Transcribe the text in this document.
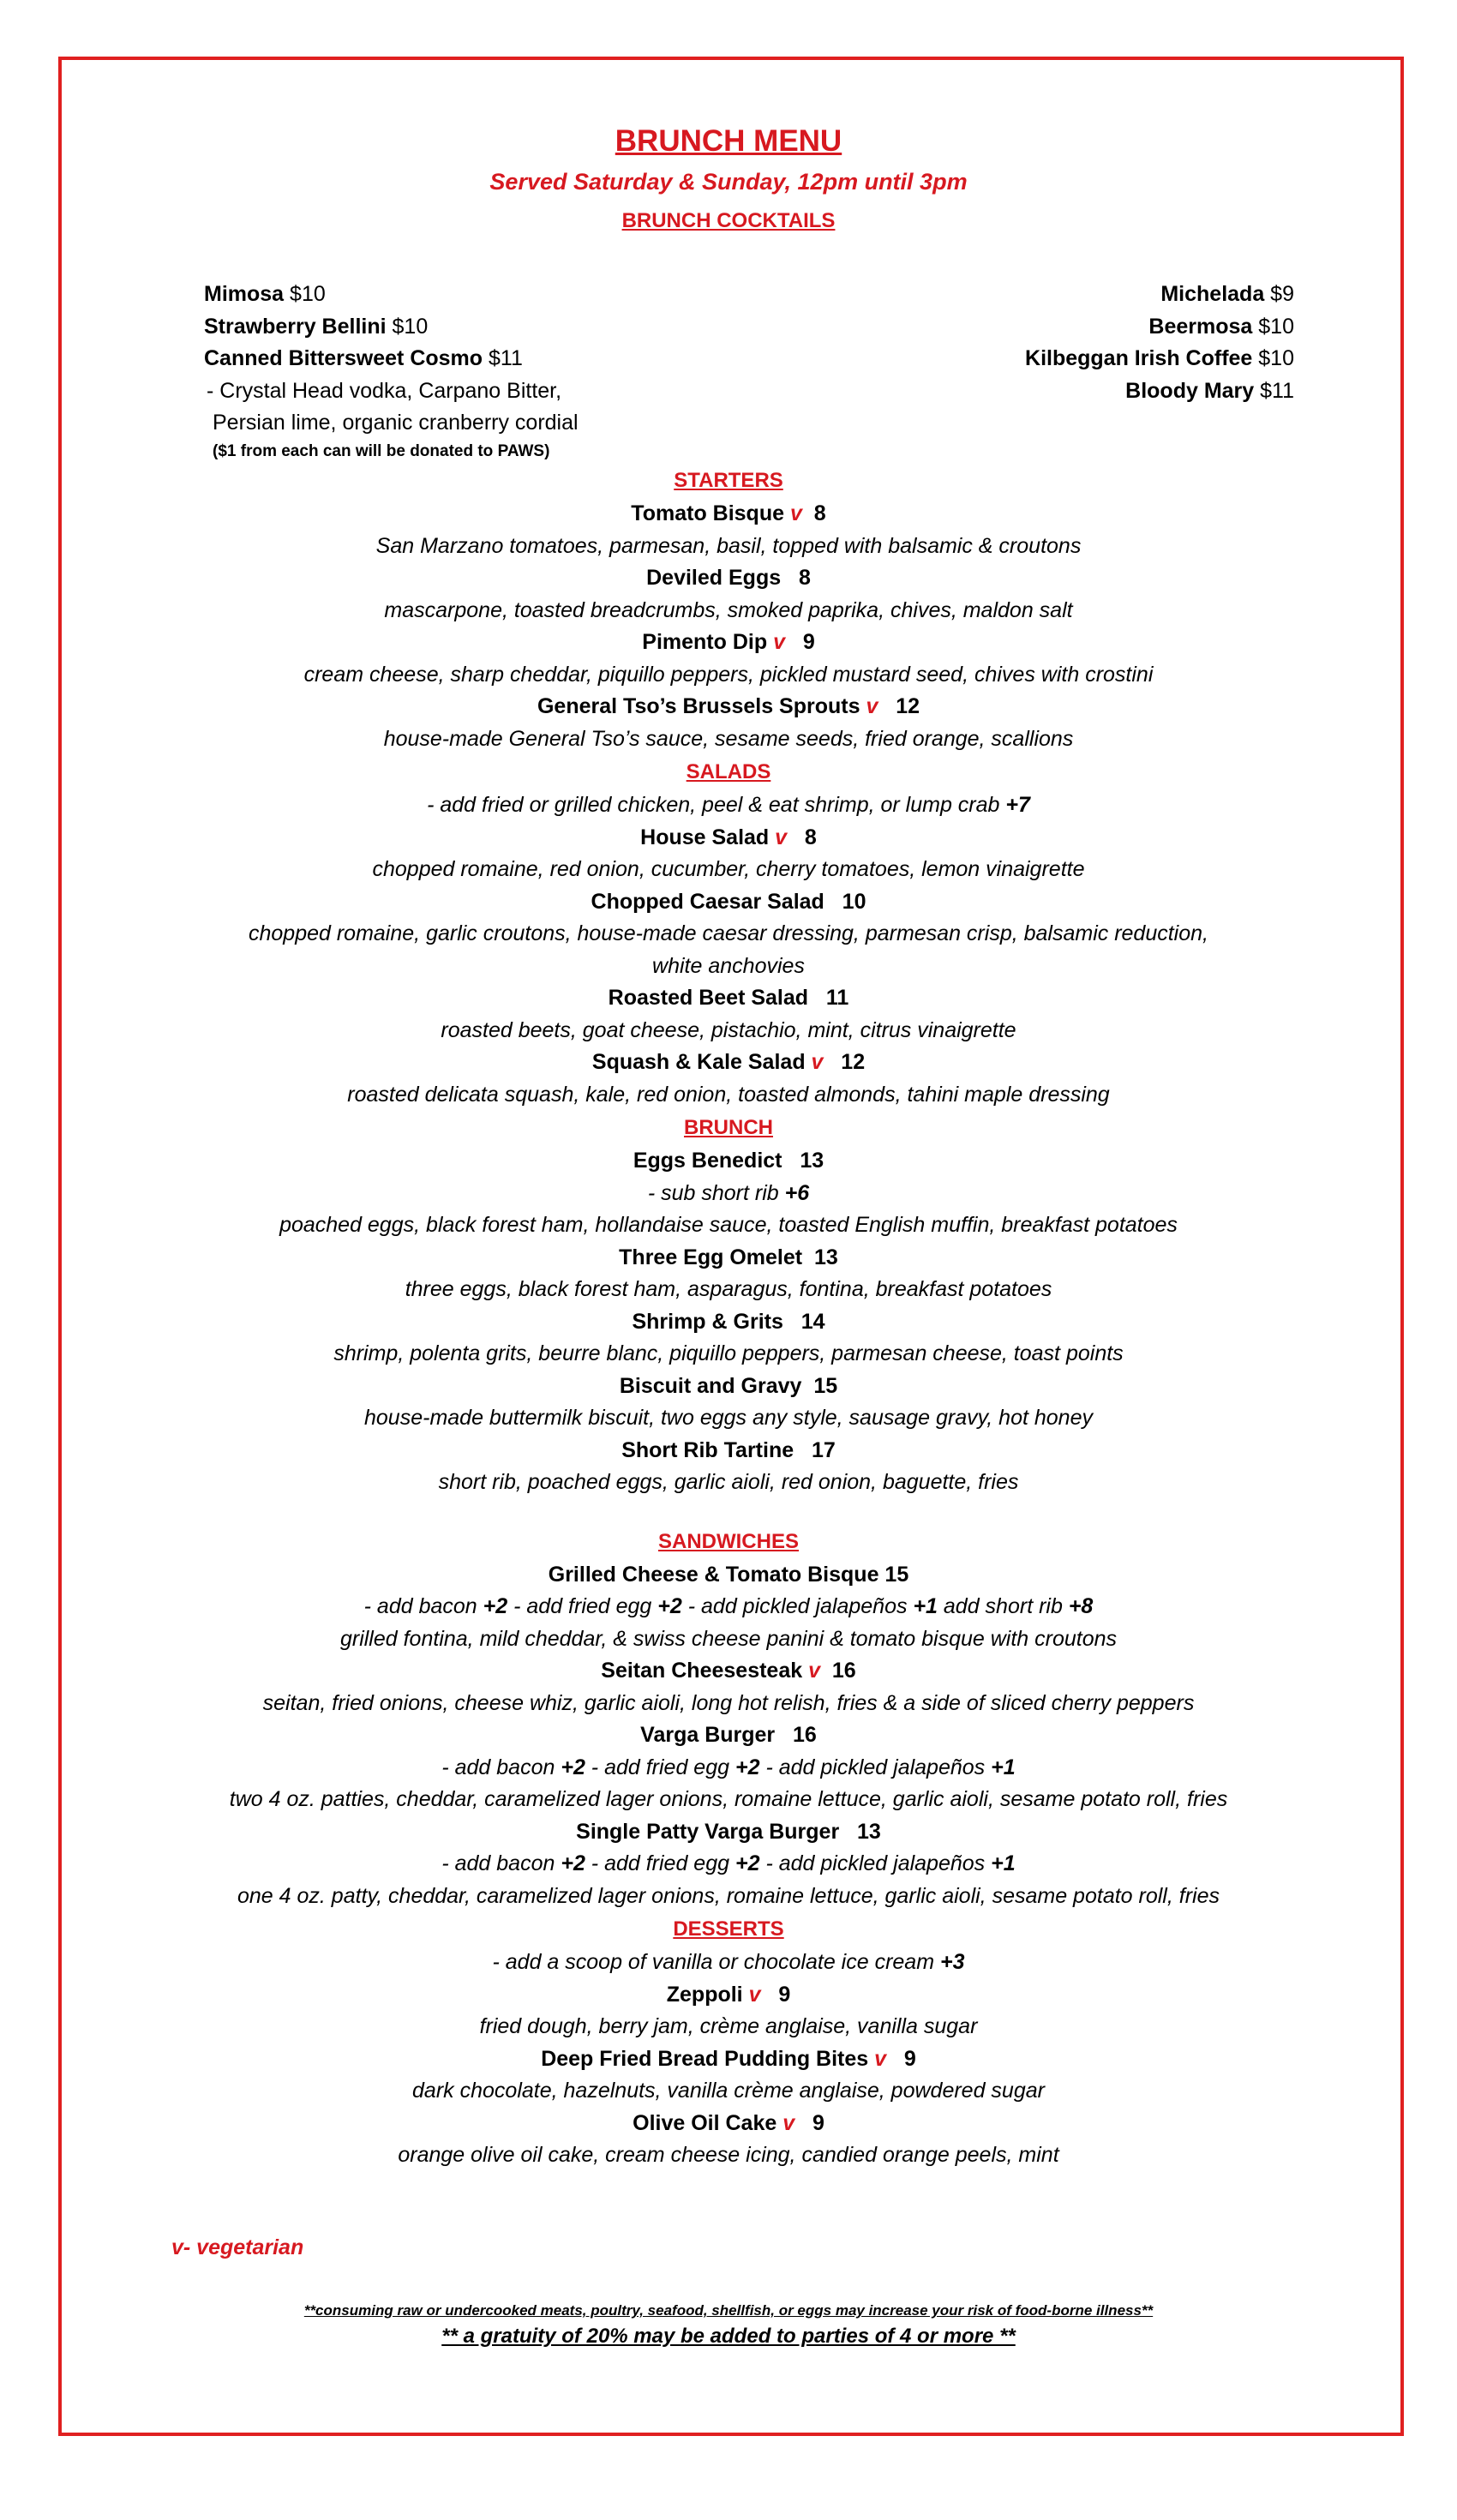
BRUNCH MENU
Served Saturday & Sunday, 12pm until 3pm
BRUNCH COCKTAILS
Mimosa $10
Strawberry Bellini $10
Canned Bittersweet Cosmo $11
- Crystal Head vodka, Carpano Bitter,
Persian lime, organic cranberry cordial
($1 from each can will be donated to PAWS)
Michelada $9
Beermosa $10
Kilbeggan Irish Coffee $10
Bloody Mary $11
STARTERS
Tomato Bisque v 8
San Marzano tomatoes, parmesan, basil, topped with balsamic & croutons
Deviled Eggs 8
mascarpone, toasted breadcrumbs, smoked paprika, chives, maldon salt
Pimento Dip v 9
cream cheese, sharp cheddar, piquillo peppers, pickled mustard seed, chives with crostini
General Tso’s Brussels Sprouts v 12
house-made General Tso’s sauce, sesame seeds, fried orange, scallions
SALADS
- add fried or grilled chicken, peel & eat shrimp, or lump crab +7
House Salad v 8
chopped romaine, red onion, cucumber, cherry tomatoes, lemon vinaigrette
Chopped Caesar Salad 10
chopped romaine, garlic croutons, house-made caesar dressing, parmesan crisp, balsamic reduction,
white anchovies
Roasted Beet Salad 11
roasted beets, goat cheese, pistachio, mint, citrus vinaigrette
Squash & Kale Salad v 12
roasted delicata squash, kale, red onion, toasted almonds, tahini maple dressing
BRUNCH
Eggs Benedict 13
- sub short rib +6
poached eggs, black forest ham, hollandaise sauce, toasted English muffin, breakfast potatoes
Three Egg Omelet 13
three eggs, black forest ham, asparagus, fontina, breakfast potatoes
Shrimp & Grits 14
shrimp, polenta grits, beurre blanc, piquillo peppers, parmesan cheese, toast points
Biscuit and Gravy 15
house-made buttermilk biscuit, two eggs any style, sausage gravy, hot honey
Short Rib Tartine 17
short rib, poached eggs, garlic aioli, red onion, baguette, fries
SANDWICHES
Grilled Cheese & Tomato Bisque 15
- add bacon +2 - add fried egg +2 - add pickled jalapeños +1 add short rib +8
grilled fontina, mild cheddar, & swiss cheese panini & tomato bisque with croutons
Seitan Cheesesteak v 16
seitan, fried onions, cheese whiz, garlic aioli, long hot relish, fries & a side of sliced cherry peppers
Varga Burger 16
- add bacon +2 - add fried egg +2 - add pickled jalapeños +1
two 4 oz. patties, cheddar, caramelized lager onions, romaine lettuce, garlic aioli, sesame potato roll, fries
Single Patty Varga Burger 13
- add bacon +2 - add fried egg +2 - add pickled jalapeños +1
one 4 oz. patty, cheddar, caramelized lager onions, romaine lettuce, garlic aioli, sesame potato roll, fries
DESSERTS
- add a scoop of vanilla or chocolate ice cream +3
Zeppoli v 9
fried dough, berry jam, crème anglaise, vanilla sugar
Deep Fried Bread Pudding Bites v 9
dark chocolate, hazelnuts, vanilla crème anglaise, powdered sugar
Olive Oil Cake v 9
orange olive oil cake, cream cheese icing, candied orange peels, mint
v- vegetarian
**consuming raw or undercooked meats, poultry, seafood, shellfish, or eggs may increase your risk of food-borne illness**
** a gratuity of 20% may be added to parties of 4 or more **
